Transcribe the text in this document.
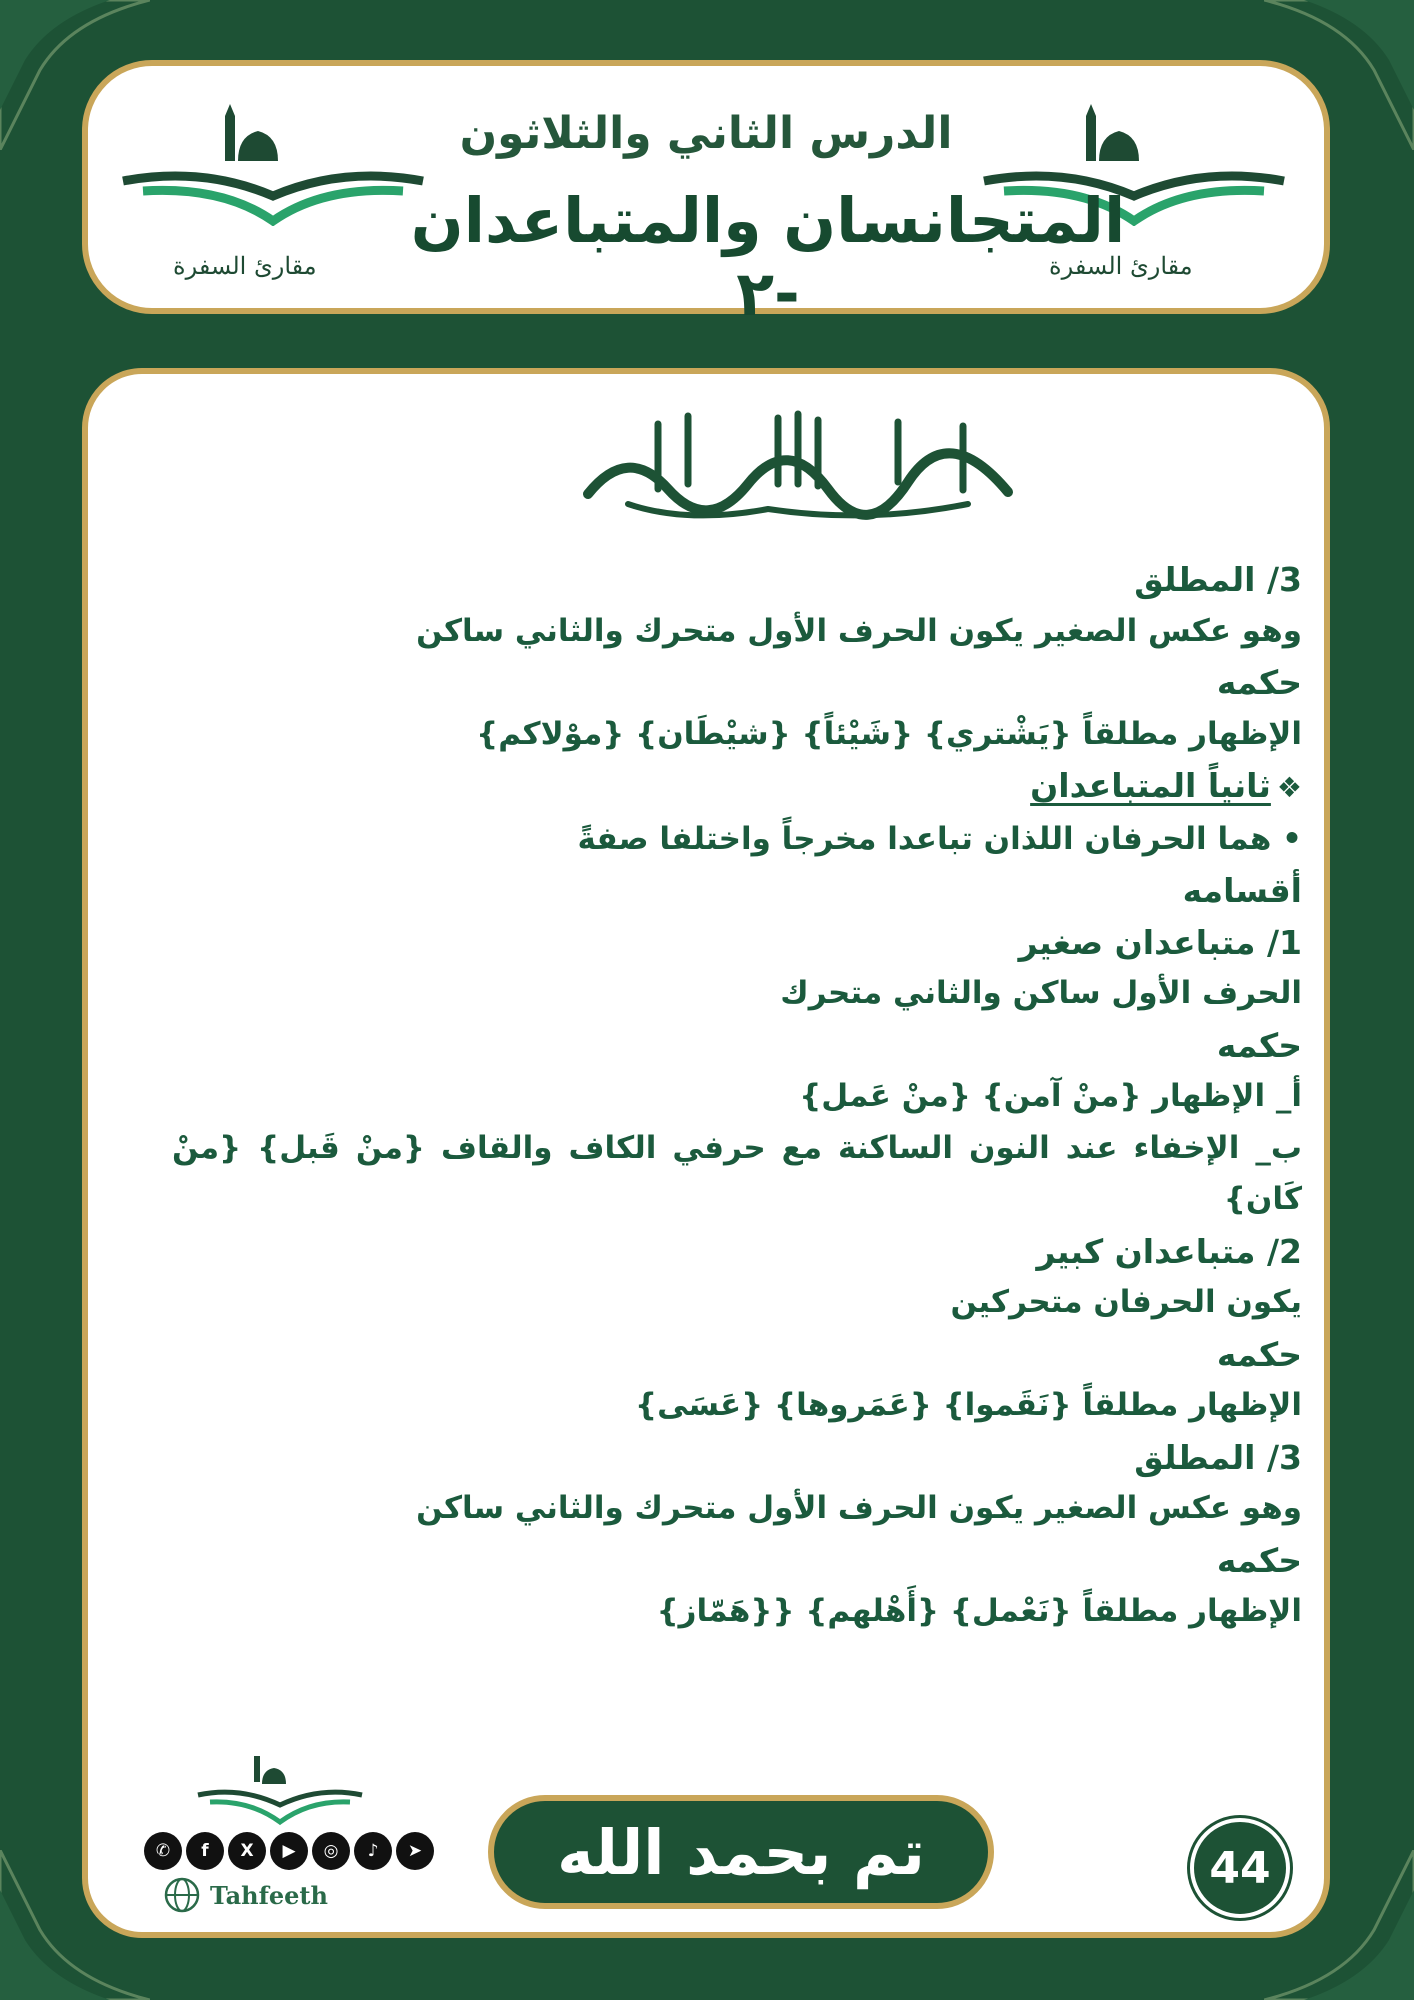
مقارئ السفرة
مقارئ السفرة
الدرس الثاني والثلاثون
المتجانسان والمتباعدان -٢
3/ المطلق
وهو عكس الصغير يكون الحرف الأول متحرك والثاني ساكن
حكمه
الإظهار مطلقاً {يَشْتري} {شَيْئاً} {شيْطَان} {موْلاكم}
❖ثانياً المتباعدان
• هما الحرفان اللذان تباعدا مخرجاً واختلفا صفةً
أقسامه
1/ متباعدان صغير
الحرف الأول ساكن والثاني متحرك
حكمه
أ_ الإظهار {منْ آمن} {منْ عَمل}
ب_ الإخفاء عند النون الساكنة مع حرفي الكاف والقاف {منْ قَبل} {منْ كَان}
2/ متباعدان كبير
يكون الحرفان متحركين
حكمه
الإظهار مطلقاً {نَقَموا} {عَمَروها} {عَسَى}
3/ المطلق
وهو عكس الصغير يكون الحرف الأول متحرك والثاني ساكن
حكمه
الإظهار مطلقاً {نَعْمل} {أَهْلهم} {{هَمّاز}
✆	f	X	▶	◎	♪	➤
Tahfeeth
تم بحمد الله	44
